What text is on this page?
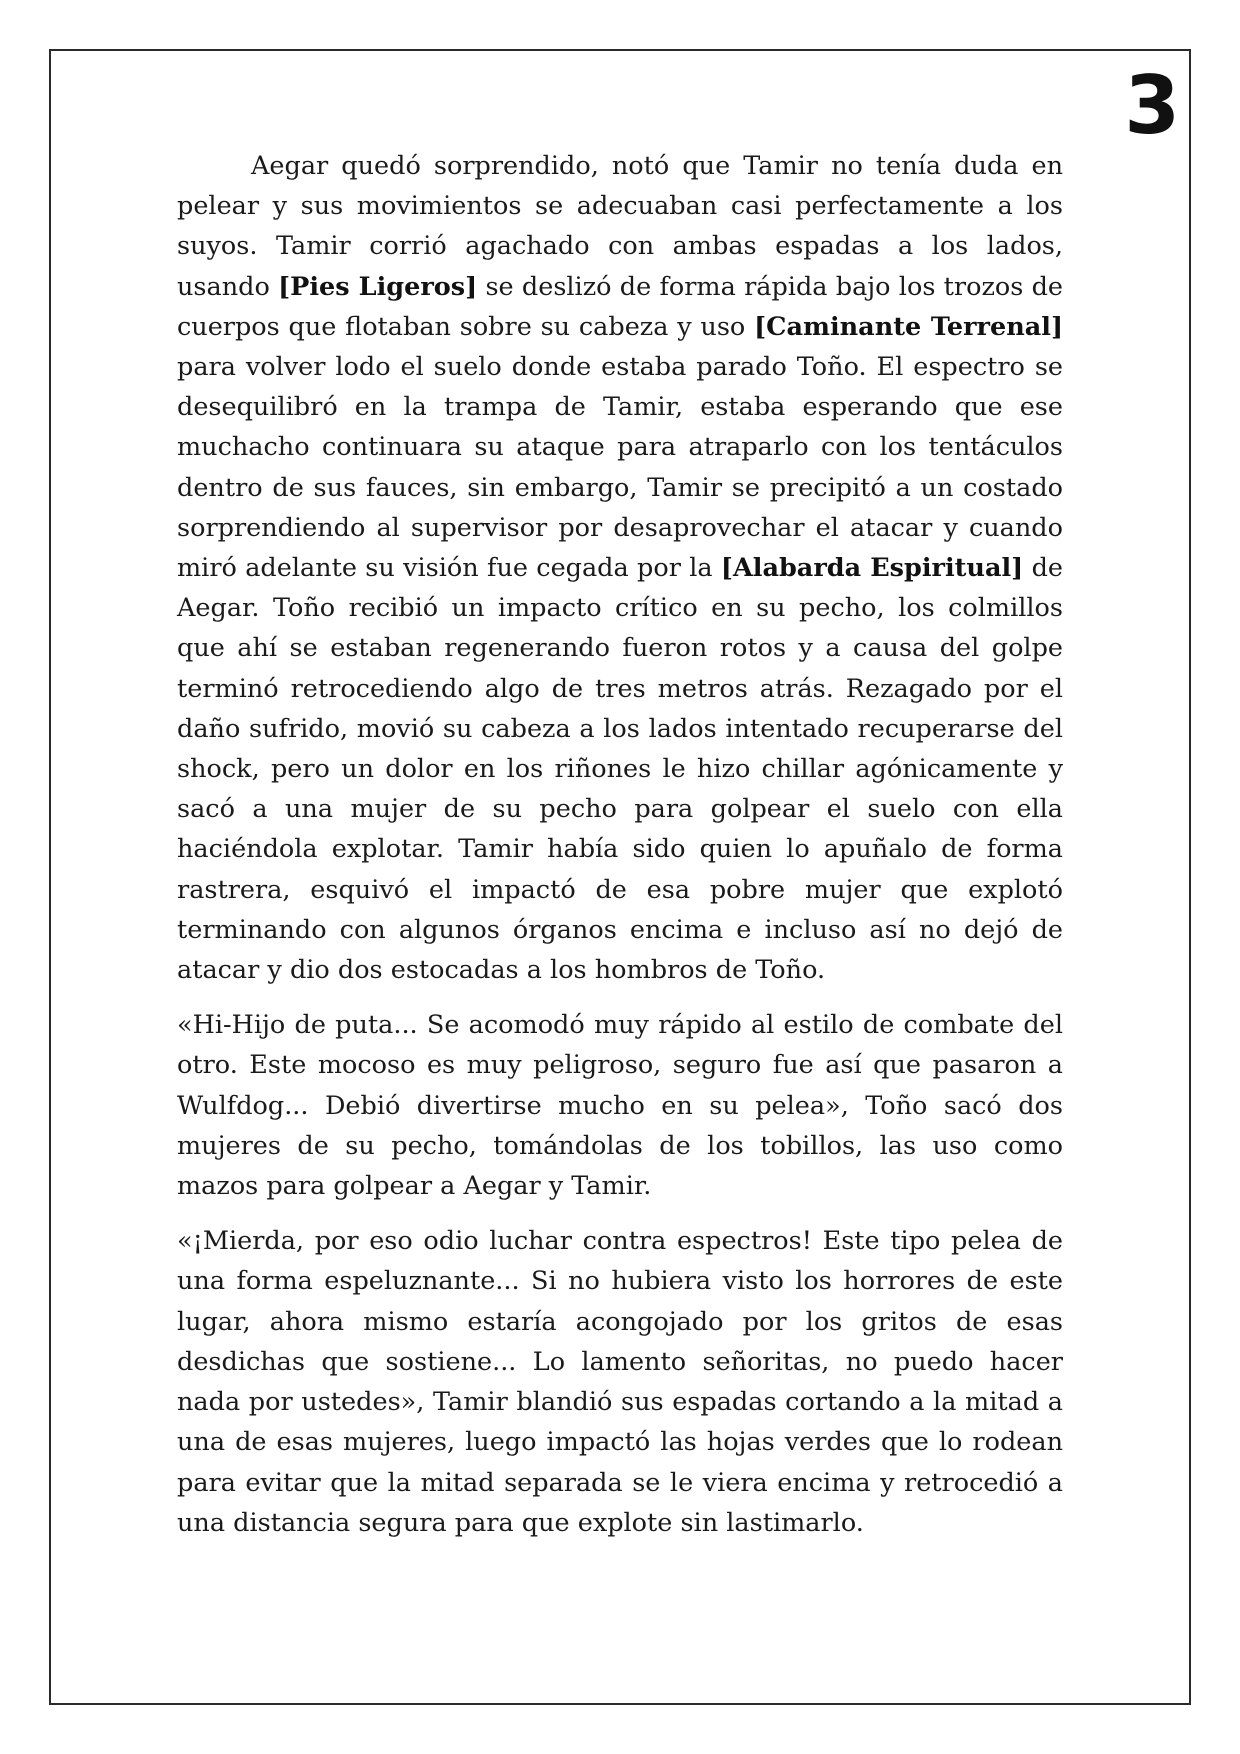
3

Aegar quedó sorprendido, notó que Tamir no tenía duda en pelear y sus movimientos se adecuaban casi perfectamente a los suyos. Tamir corrió agachado con ambas espadas a los lados, usando [Pies Ligeros] se deslizó de forma rápida bajo los trozos de cuerpos que flotaban sobre su cabeza y uso [Caminante Terrenal] para volver lodo el suelo donde estaba parado Toño. El espectro se desequilibró en la trampa de Tamir, estaba esperando que ese muchacho continuara su ataque para atraparlo con los tentáculos dentro de sus fauces, sin embargo, Tamir se precipitó a un costado sorprendiendo al supervisor por desaprovechar el atacar y cuando miró adelante su visión fue cegada por la [Alabarda Espiritual] de Aegar. Toño recibió un impacto crítico en su pecho, los colmillos que ahí se estaban regenerando fueron rotos y a causa del golpe terminó retrocediendo algo de tres metros atrás. Rezagado por el daño sufrido, movió su cabeza a los lados intentado recuperarse del shock, pero un dolor en los riñones le hizo chillar agónicamente y sacó a una mujer de su pecho para golpear el suelo con ella haciéndola explotar. Tamir había sido quien lo apuñalo de forma rastrera, esquivó el impactó de esa pobre mujer que explotó terminando con algunos órganos encima e incluso así no dejó de atacar y dio dos estocadas a los hombros de Toño.

«Hi-Hijo de puta... Se acomodó muy rápido al estilo de combate del otro. Este mocoso es muy peligroso, seguro fue así que pasaron a Wulfdog... Debió divertirse mucho en su pelea», Toño sacó dos mujeres de su pecho, tomándolas de los tobillos, las uso como mazos para golpear a Aegar y Tamir.

«¡Mierda, por eso odio luchar contra espectros! Este tipo pelea de una forma espeluznante... Si no hubiera visto los horrores de este lugar, ahora mismo estaría acongojado por los gritos de esas desdichas que sostiene... Lo lamento señoritas, no puedo hacer nada por ustedes», Tamir blandió sus espadas cortando a la mitad a una de esas mujeres, luego impactó las hojas verdes que lo rodean para evitar que la mitad separada se le viera encima y retrocedió a una distancia segura para que explote sin lastimarlo.
